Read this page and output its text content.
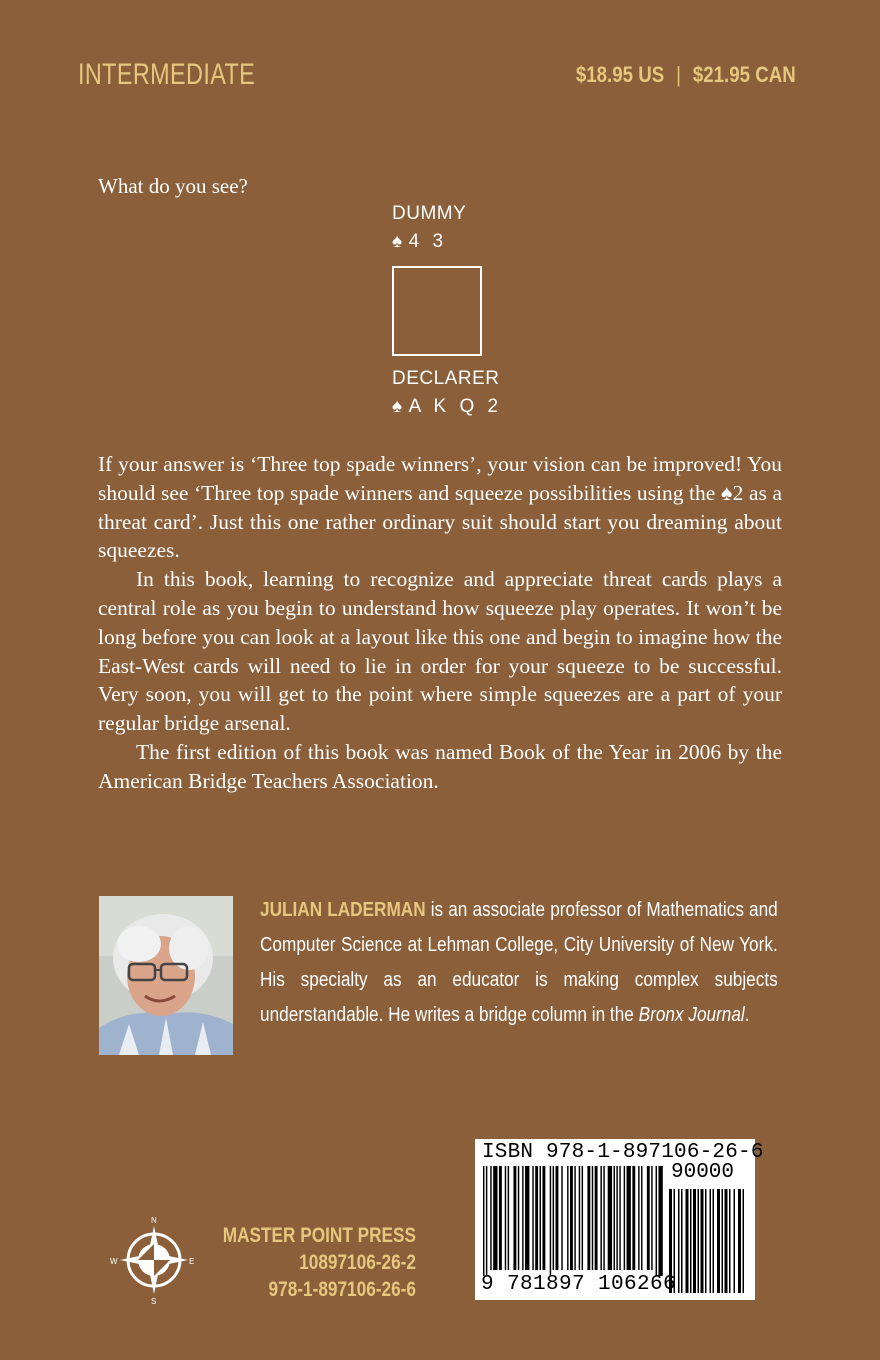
INTERMEDIATE	$18.95 US | $21.95 CAN
What do you see?
DUMMY
♠ 4 3
DECLARER
♠ A K Q 2

If your answer is ‘Three top spade winners’, your vision can be improved! You should see ‘Three top spade winners and squeeze possibilities using the ♠2 as a threat card’. Just this one rather ordinary suit should start you dreaming about squeezes.

In this book, learning to recognize and appreciate threat cards plays a central role as you begin to understand how squeeze play operates. It won’t be long before you can look at a layout like this one and begin to imagine how the East-West cards will need to lie in order for your squeeze to be successful. Very soon, you will get to the point where simple squeezes are a part of your regular bridge arsenal.

The first edition of this book was named Book of the Year in 2006 by the American Bridge Teachers Association.

JULIAN LADERMAN is an associate professor of Mathematics and Computer Science at Lehman College, City University of New York. His specialty as an educator is making complex subjects understandable. He writes a bridge column in the Bronx Journal.
ISBN 978-1-897106-26-6
90000
9 781897 106266
N
E
S
W
MASTER POINT PRESS
10897106-26-2
978-1-897106-26-6
